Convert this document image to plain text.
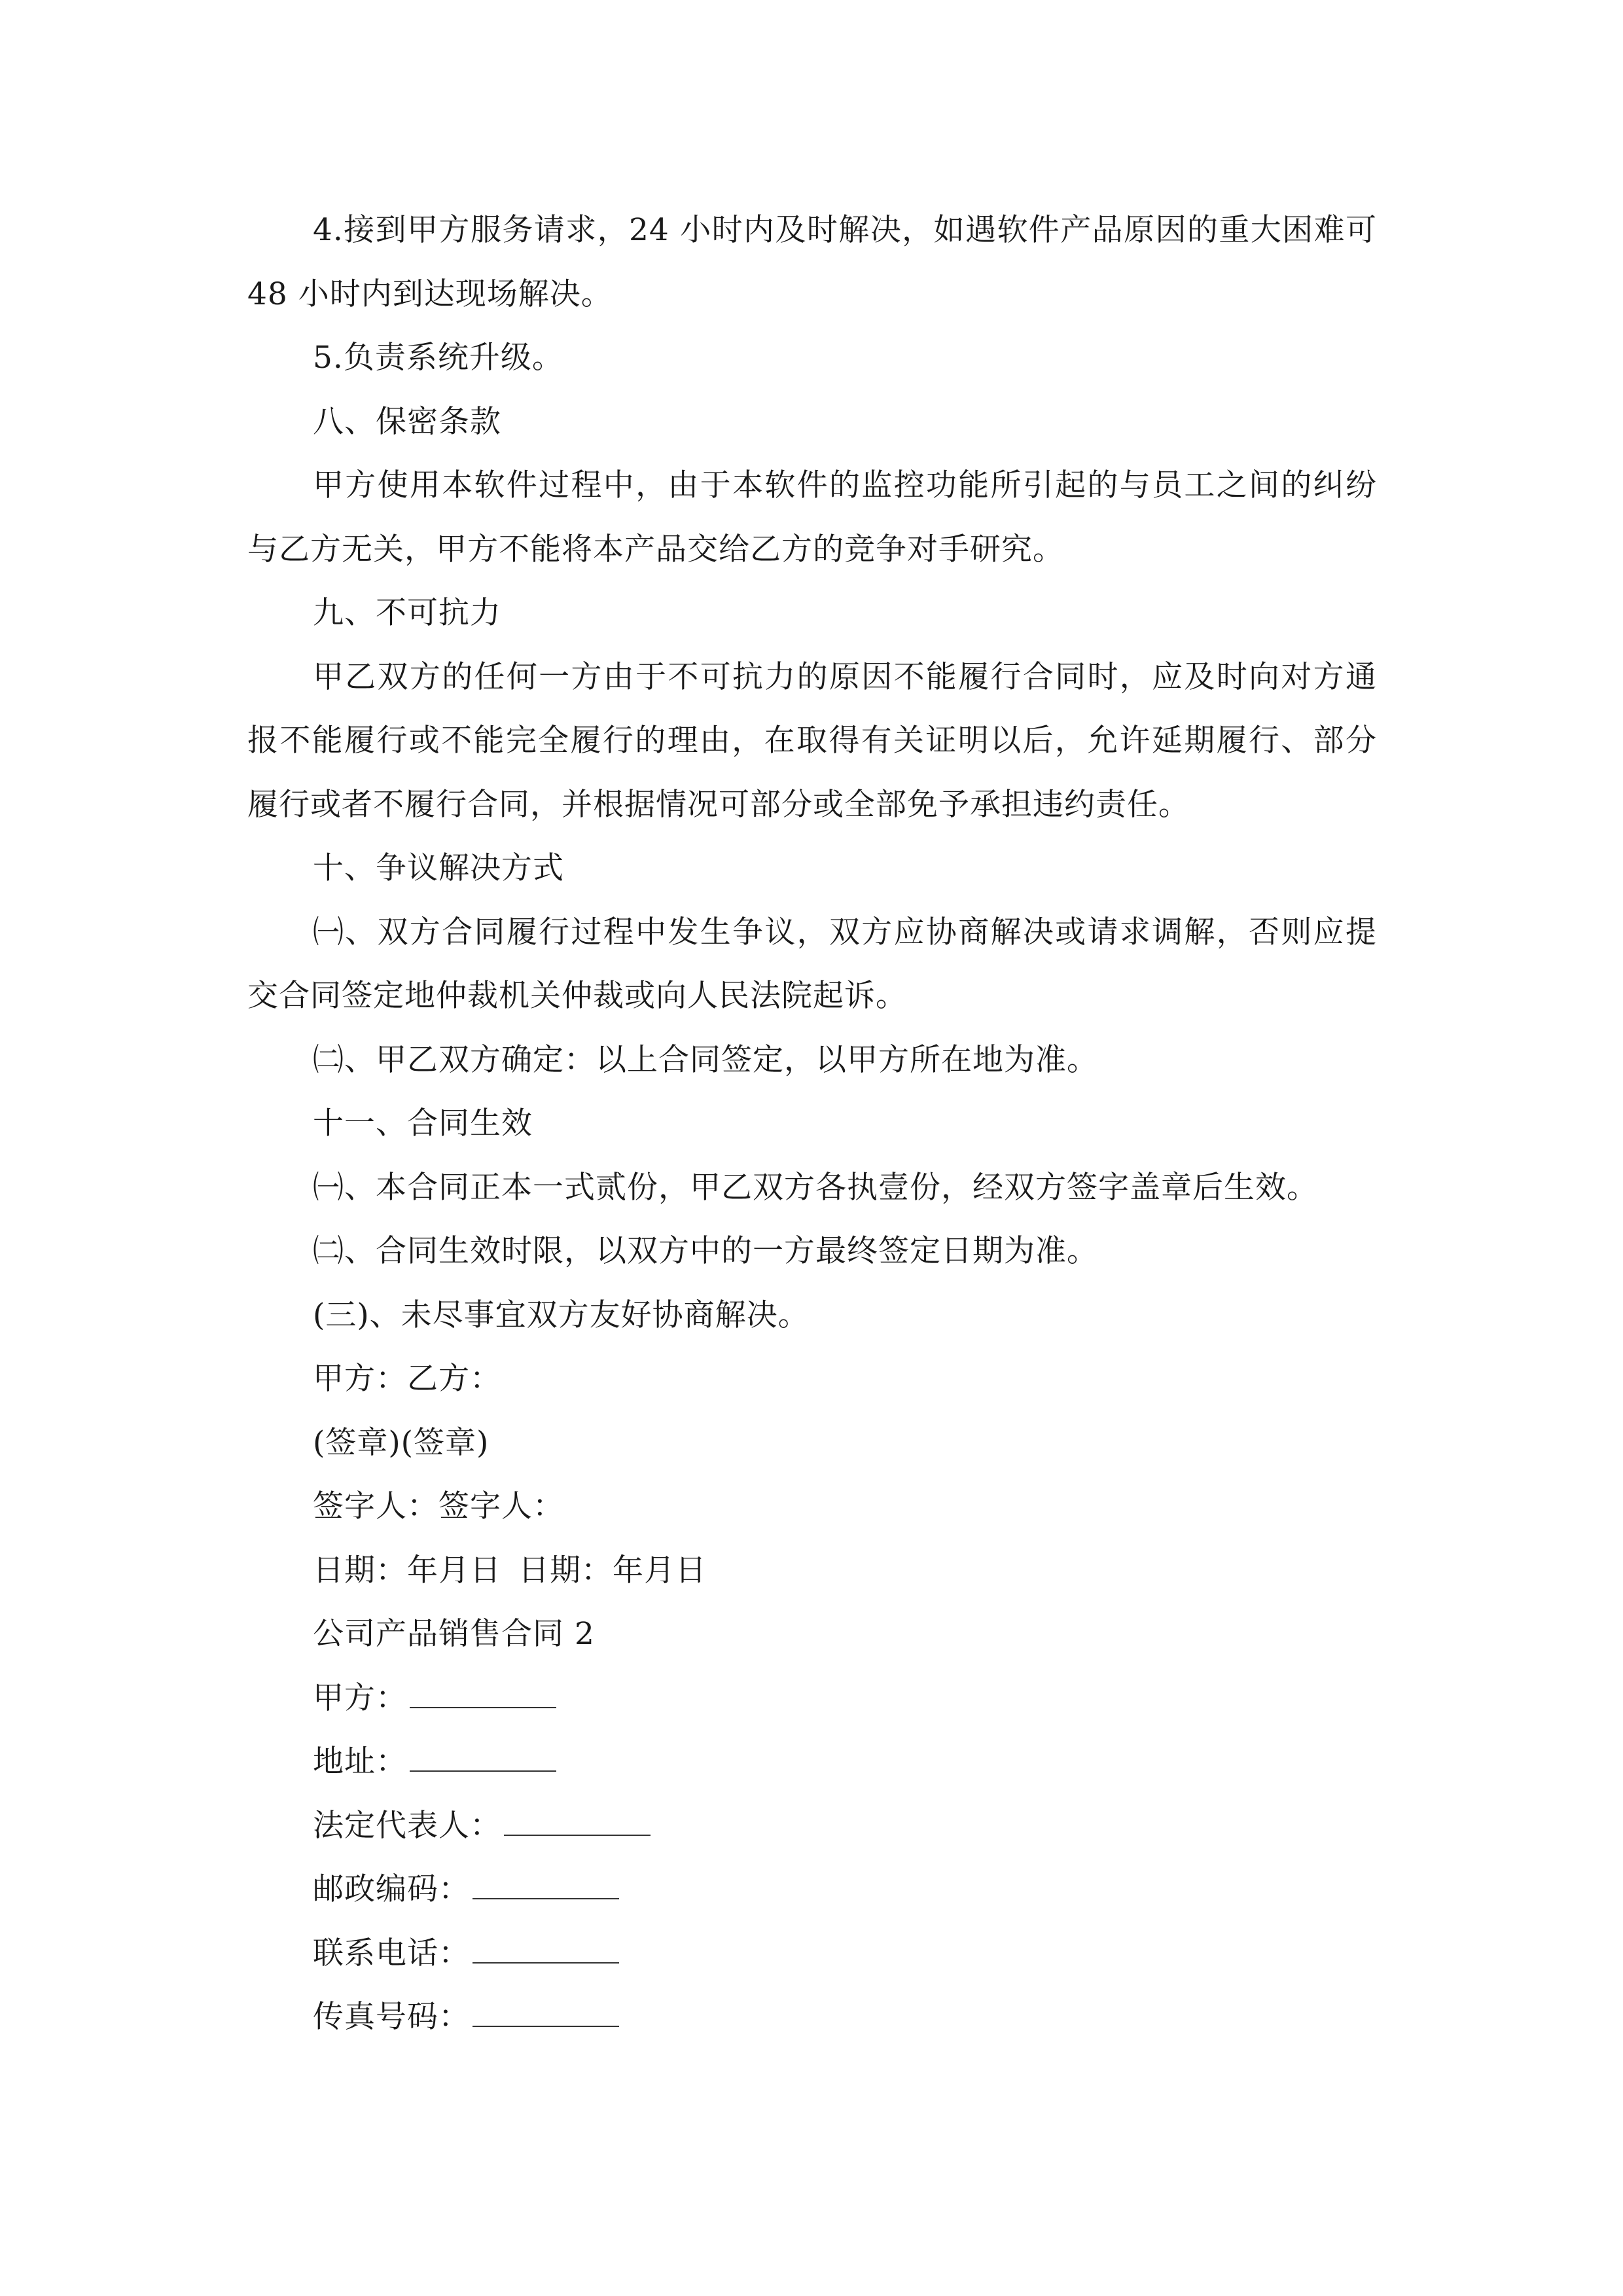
4.接到甲方服务请求，24 小时内及时解决，如遇软件产品原因的重大困难可 48 小时内到达现场解决。

5.负责系统升级。

八、保密条款

甲方使用本软件过程中，由于本软件的监控功能所引起的与员工之间的纠纷与乙方无关，甲方不能将本产品交给乙方的竞争对手研究。

九、不可抗力

甲乙双方的任何一方由于不可抗力的原因不能履行合同时，应及时向对方通报不能履行或不能完全履行的理由，在取得有关证明以后，允许延期履行、部分履行或者不履行合同，并根据情况可部分或全部免予承担违约责任。

十、争议解决方式

㈠、双方合同履行过程中发生争议，双方应协商解决或请求调解，否则应提交合同签定地仲裁机关仲裁或向人民法院起诉。

㈡、甲乙双方确定：以上合同签定，以甲方所在地为准。

十一、合同生效

㈠、本合同正本一式贰份，甲乙双方各执壹份，经双方签字盖章后生效。

㈡、合同生效时限，以双方中的一方最终签定日期为准。

(三)、未尽事宜双方友好协商解决。

甲方：乙方：

(签章)(签章)

签字人：签字人：

日期：年月日 日期：年月日

公司产品销售合同 2

甲方：

地址：

法定代表人：

邮政编码：

联系电话：

传真号码：
